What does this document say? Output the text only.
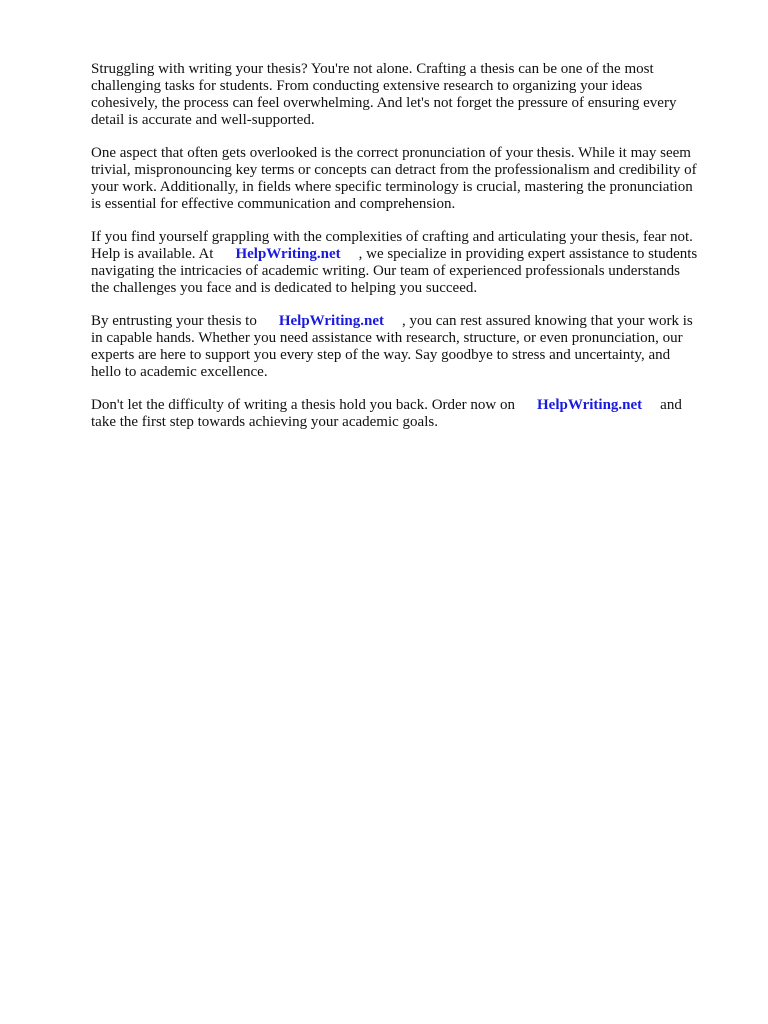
Struggling with writing your thesis? You're not alone. Crafting a thesis can be one of the most
challenging tasks for students. From conducting extensive research to organizing your ideas
cohesively, the process can feel overwhelming. And let's not forget the pressure of ensuring every
detail is accurate and well-supported.

One aspect that often gets overlooked is the correct pronunciation of your thesis. While it may seem
trivial, mispronouncing key terms or concepts can detract from the professionalism and credibility of
your work. Additionally, in fields where specific terminology is crucial, mastering the pronunciation
is essential for effective communication and comprehension.

If you find yourself grappling with the complexities of crafting and articulating your thesis, fear not.
Help is available. At HelpWriting.net , we specialize in providing expert assistance to students
navigating the intricacies of academic writing. Our team of experienced professionals understands
the challenges you face and is dedicated to helping you succeed.

By entrusting your thesis to HelpWriting.net , you can rest assured knowing that your work is
in capable hands. Whether you need assistance with research, structure, or even pronunciation, our
experts are here to support you every step of the way. Say goodbye to stress and uncertainty, and
hello to academic excellence.

Don't let the difficulty of writing a thesis hold you back. Order now on HelpWriting.net and
take the first step towards achieving your academic goals.
